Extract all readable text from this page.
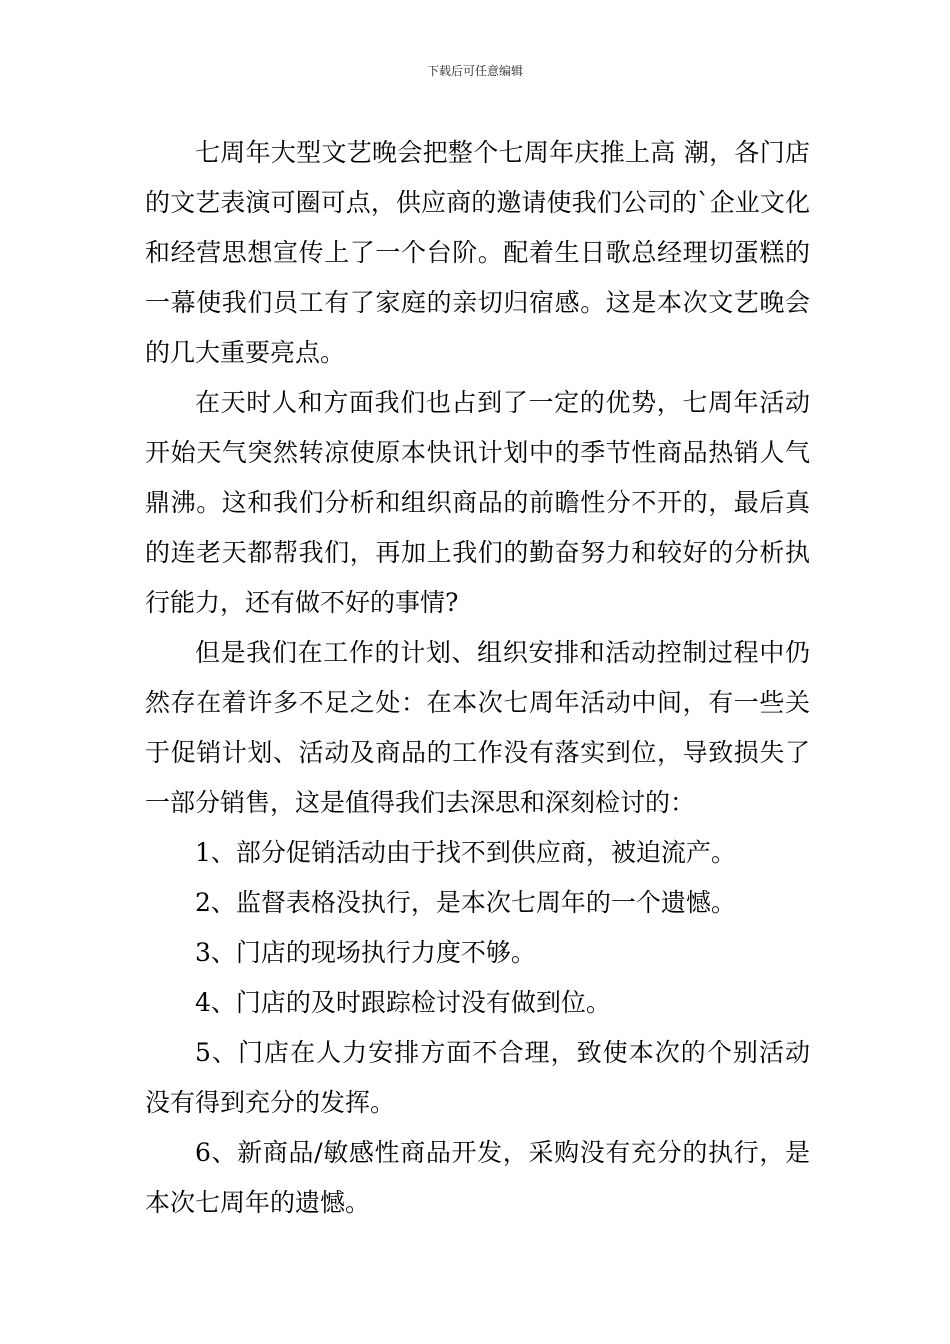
下载后可任意编辑

七周年大型文艺晚会把整个七周年庆推上高 潮，各门店的文艺表演可圈可点，供应商的邀请使我们公司的`企业文化和经营思想宣传上了一个台阶。配着生日歌总经理切蛋糕的一幕使我们员工有了家庭的亲切归宿感。这是本次文艺晚会的几大重要亮点。

在天时人和方面我们也占到了一定的优势，七周年活动开始天气突然转凉使原本快讯计划中的季节性商品热销人气鼎沸。这和我们分析和组织商品的前瞻性分不开的，最后真的连老天都帮我们，再加上我们的勤奋努力和较好的分析执行能力，还有做不好的事情?

但是我们在工作的计划、组织安排和活动控制过程中仍然存在着许多不足之处：在本次七周年活动中间，有一些关于促销计划、活动及商品的工作没有落实到位，导致损失了一部分销售，这是值得我们去深思和深刻检讨的：

1、部分促销活动由于找不到供应商，被迫流产。

2、监督表格没执行，是本次七周年的一个遗憾。

3、门店的现场执行力度不够。

4、门店的及时跟踪检讨没有做到位。

5、门店在人力安排方面不合理，致使本次的个别活动没有得到充分的发挥。

6、新商品/敏感性商品开发，采购没有充分的执行，是本次七周年的遗憾。
